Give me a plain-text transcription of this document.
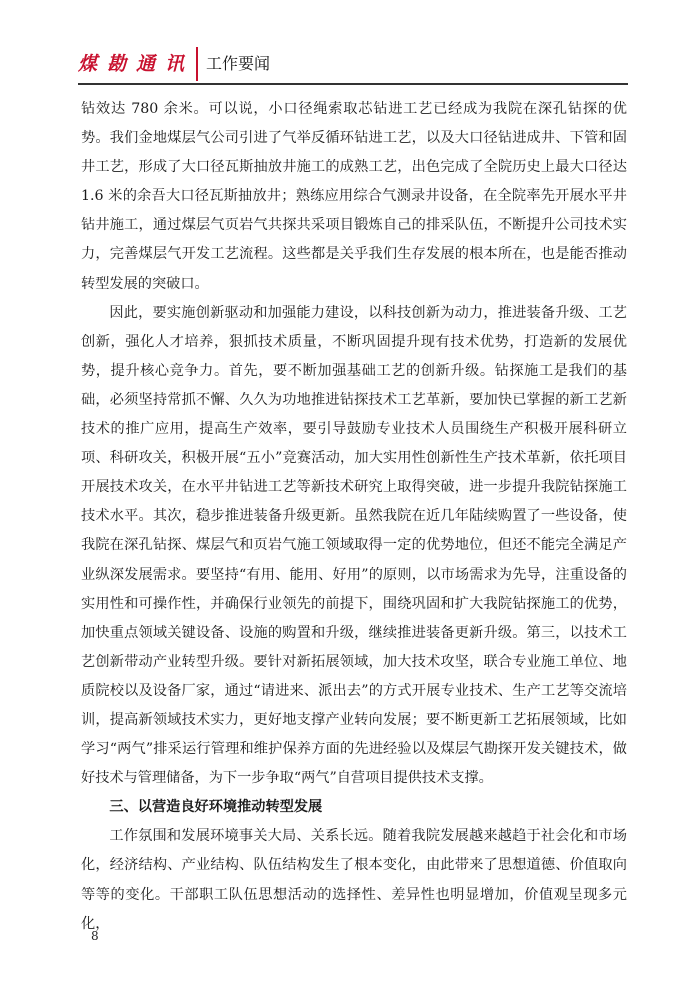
煤勘通讯 工作要闻

钻效达 780 余米。可以说，小口径绳索取芯钻进工艺已经成为我院在深孔钻探的优势。我们金地煤层气公司引进了气举反循环钻进工艺，以及大口径钻进成井、下管和固井工艺，形成了大口径瓦斯抽放井施工的成熟工艺，出色完成了全院历史上最大口径达 1.6 米的余吾大口径瓦斯抽放井；熟练应用综合气测录井设备，在全院率先开展水平井钻井施工，通过煤层气页岩气共探共采项目锻炼自己的排采队伍，不断提升公司技术实力，完善煤层气开发工艺流程。这些都是关乎我们生存发展的根本所在，也是能否推动转型发展的突破口。

因此，要实施创新驱动和加强能力建设，以科技创新为动力，推进装备升级、工艺创新，强化人才培养，狠抓技术质量，不断巩固提升现有技术优势，打造新的发展优势，提升核心竞争力。首先，要不断加强基础工艺的创新升级。钻探施工是我们的基础，必须坚持常抓不懈、久久为功地推进钻探技术工艺革新，要加快已掌握的新工艺新技术的推广应用，提高生产效率，要引导鼓励专业技术人员围绕生产积极开展科研立项、科研攻关，积极开展“五小”竞赛活动，加大实用性创新性生产技术革新，依托项目开展技术攻关，在水平井钻进工艺等新技术研究上取得突破，进一步提升我院钻探施工技术水平。其次，稳步推进装备升级更新。虽然我院在近几年陆续购置了一些设备，使我院在深孔钻探、煤层气和页岩气施工领域取得一定的优势地位，但还不能完全满足产业纵深发展需求。要坚持“有用、能用、好用”的原则，以市场需求为先导，注重设备的实用性和可操作性，并确保行业领先的前提下，围绕巩固和扩大我院钻探施工的优势，加快重点领域关键设备、设施的购置和升级，继续推进装备更新升级。第三，以技术工艺创新带动产业转型升级。要针对新拓展领域，加大技术攻坚，联合专业施工单位、地质院校以及设备厂家，通过“请进来、派出去”的方式开展专业技术、生产工艺等交流培训，提高新领域技术实力，更好地支撑产业转向发展；要不断更新工艺拓展领域，比如学习“两气”排采运行管理和维护保养方面的先进经验以及煤层气勘探开发关键技术，做好技术与管理储备，为下一步争取“两气”自营项目提供技术支撑。

三、以营造良好环境推动转型发展

工作氛围和发展环境事关大局、关系长远。随着我院发展越来越趋于社会化和市场化，经济结构、产业结构、队伍结构发生了根本变化，由此带来了思想道德、价值取向等等的变化。干部职工队伍思想活动的选择性、差异性也明显增加，价值观呈现多元化，

8
